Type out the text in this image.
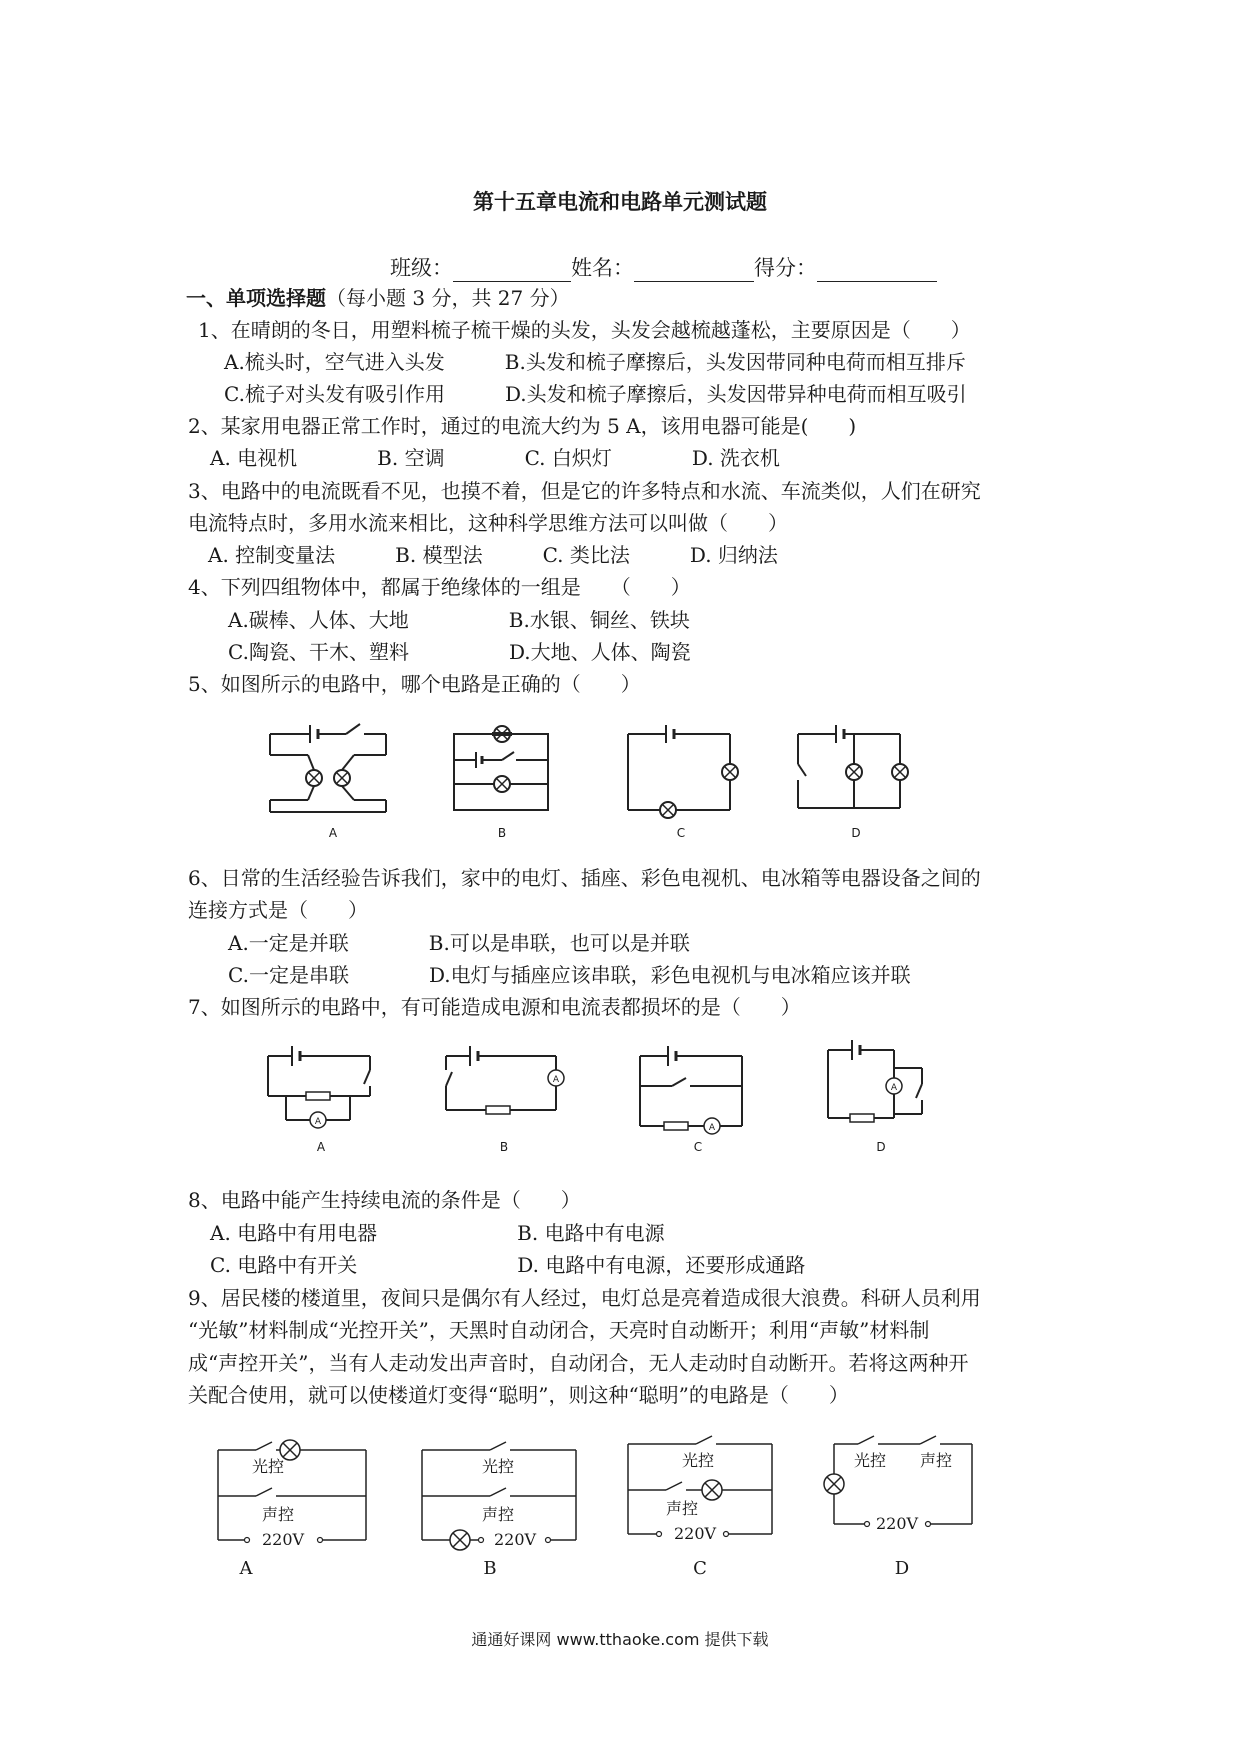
第十五章电流和电路单元测试题
班级：	姓名：	得分：
一、单项选择题（每小题 3 分，共 27 分）
1、在晴朗的冬日，用塑料梳子梳干燥的头发，头发会越梳越蓬松，主要原因是（　　）
A.梳头时，空气进入头发　　　B.头发和梳子摩擦后，头发因带同种电荷而相互排斥
C.梳子对头发有吸引作用　　　D.头发和梳子摩擦后，头发因带异种电荷而相互吸引
2、某家用电器正常工作时，通过的电流大约为 5 A，该用电器可能是(　　)
A. 电视机　　　　B. 空调　　　　C. 白炽灯　　　　D. 洗衣机
3、电路中的电流既看不见，也摸不着，但是它的许多特点和水流、车流类似，人们在研究
电流特点时，多用水流来相比，这种科学思维方法可以叫做（　　）
A. 控制变量法　　　B. 模型法　　　C. 类比法　　　D. 归纳法
4、下列四组物体中，都属于绝缘体的一组是　　（　　）
A.碳棒、人体、大地　　　　　B.水银、铜丝、铁块
C.陶瓷、干木、塑料　　　　　D.大地、人体、陶瓷
5、如图所示的电路中，哪个电路是正确的（　　）
A	B	C	D
6、日常的生活经验告诉我们，家中的电灯、插座、彩色电视机、电冰箱等电器设备之间的
连接方式是（　　）
A.一定是并联　　　　B.可以是串联，也可以是并联
C.一定是串联　　　　D.电灯与插座应该串联，彩色电视机与电冰箱应该并联
7、如图所示的电路中，有可能造成电源和电流表都损坏的是（　　）
A
A
A
B
A
C
A
D
8、电路中能产生持续电流的条件是（　　）
A. 电路中有用电器　　　　　　　B. 电路中有电源
C. 电路中有开关　　　　　　　　D. 电路中有电源，还要形成通路
9、居民楼的楼道里，夜间只是偶尔有人经过，电灯总是亮着造成很大浪费。科研人员利用
“光敏”材料制成“光控开关”，天黑时自动闭合，天亮时自动断开；利用“声敏”材料制
成“声控开关”，当有人走动发出声音时，自动闭合，无人走动时自动断开。若将这两种开
关配合使用，就可以使楼道灯变得“聪明”，则这种“聪明”的电路是（　　）
光控
声控
220V
A
光控
声控
220V
B
光控
声控
220V
C
光控 声控
220V
D
通通好课网 www.tthaoke.com 提供下载
